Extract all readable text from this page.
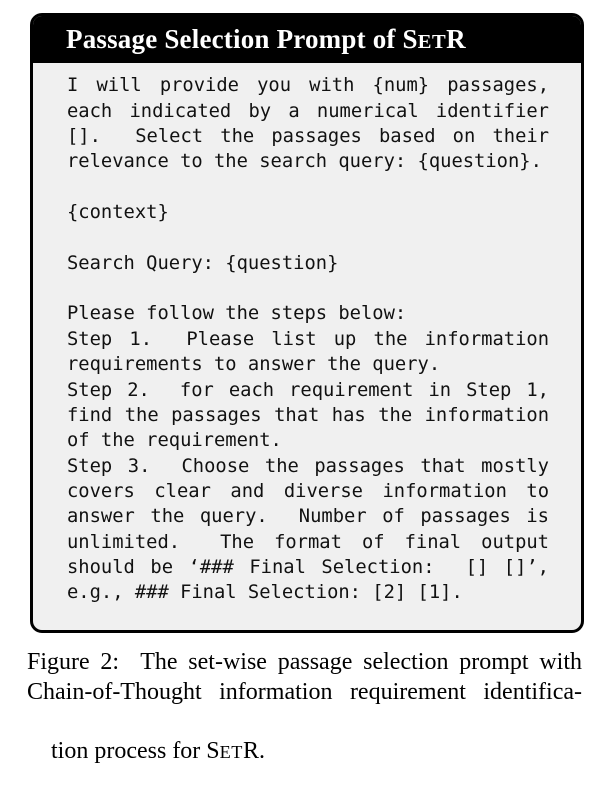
Passage Selection Prompt of SETR
I will provide you with {num} passages,
each indicated by a numerical identifier
[].  Select the passages based on their
relevance to the search query: {question}.

{context}

Search Query: {question}

Please follow the steps below:
Step 1.  Please list up the information
requirements to answer the query.
Step 2.  for each requirement in Step 1,
find the passages that has the information
of the requirement.
Step 3.  Choose the passages that mostly
covers clear and diverse information to
answer the query.  Number of passages is
unlimited.  The format of final output
should be ‘### Final Selection:  [] []’,
e.g., ### Final Selection: [2] [1].
Figure 2:  The set-wise passage selection prompt with
Chain-of-Thought information requirement identifica-

tion process for SETR.
